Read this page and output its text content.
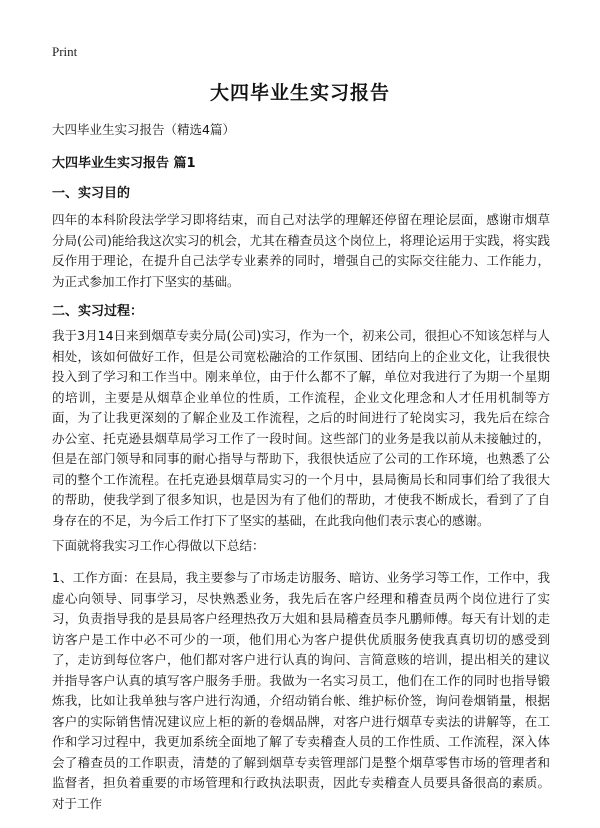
Print
大四毕业生实习报告
大四毕业生实习报告（精选4篇）
大四毕业生实习报告 篇1
一、实习目的

四年的本科阶段法学学习即将结束，而自己对法学的理解还停留在理论层面，感谢市烟草分局(公司)能给我这次实习的机会，尤其在稽查员这个岗位上，将理论运用于实践，将实践反作用于理论，在提升自己法学专业素养的同时，增强自己的实际交往能力、工作能力，为正式参加工作打下坚实的基础。

二、实习过程：

我于3月14日来到烟草专卖分局(公司)实习，作为一个，初来公司，很担心不知该怎样与人相处，该如何做好工作，但是公司宽松融洽的工作氛围、团结向上的企业文化，让我很快投入到了学习和工作当中。刚来单位，由于什么都不了解，单位对我进行了为期一个星期的培训，主要是从烟草企业单位的性质，工作流程，企业文化理念和人才任用机制等方面，为了让我更深刻的了解企业及工作流程，之后的时间进行了轮岗实习，我先后在综合办公室、托克逊县烟草局学习工作了一段时间。这些部门的业务是我以前从未接触过的，但是在部门领导和同事的耐心指导与帮助下，我很快适应了公司的工作环境，也熟悉了公司的整个工作流程。在托克逊县烟草局实习的一个月中，县局衡局长和同事们给了我很大的帮助，使我学到了很多知识，也是因为有了他们的帮助，才使我不断成长，看到了了自身存在的不足，为今后工作打下了坚实的基础，在此我向他们表示衷心的感谢。

下面就将我实习工作心得做以下总结：

1、工作方面：在县局，我主要参与了市场走访服务、暗访、业务学习等工作，工作中，我虚心向领导、同事学习，尽快熟悉业务，我先后在客户经理和稽查员两个岗位进行了实习，负责指导我的是县局客户经理热孜万大姐和县局稽查员李凡鹏师傅。每天有计划的走访客户是工作中必不可少的一项，他们用心为客户提供优质服务使我真真切切的感受到了，走访到每位客户，他们都对客户进行认真的询问、言简意赅的培训，提出相关的建议并指导客户认真的填写客户服务手册。我做为一名实习员工，他们在工作的同时也指导锻炼我，比如让我单独与客户进行沟通，介绍动销台帐、维护标价签，询问卷烟销量，根据客户的实际销售情况建议应上柜的新的卷烟品牌，对客户进行烟草专卖法的讲解等，在工作和学习过程中，我更加系统全面地了解了专卖稽查人员的工作性质、工作流程，深入体会了稽查员的工作职责，清楚的了解到烟草专卖管理部门是整个烟草零售市场的管理者和监督者，担负着重要的市场管理和行政执法职责，因此专卖稽查人员要具备很高的素质。对于工作
